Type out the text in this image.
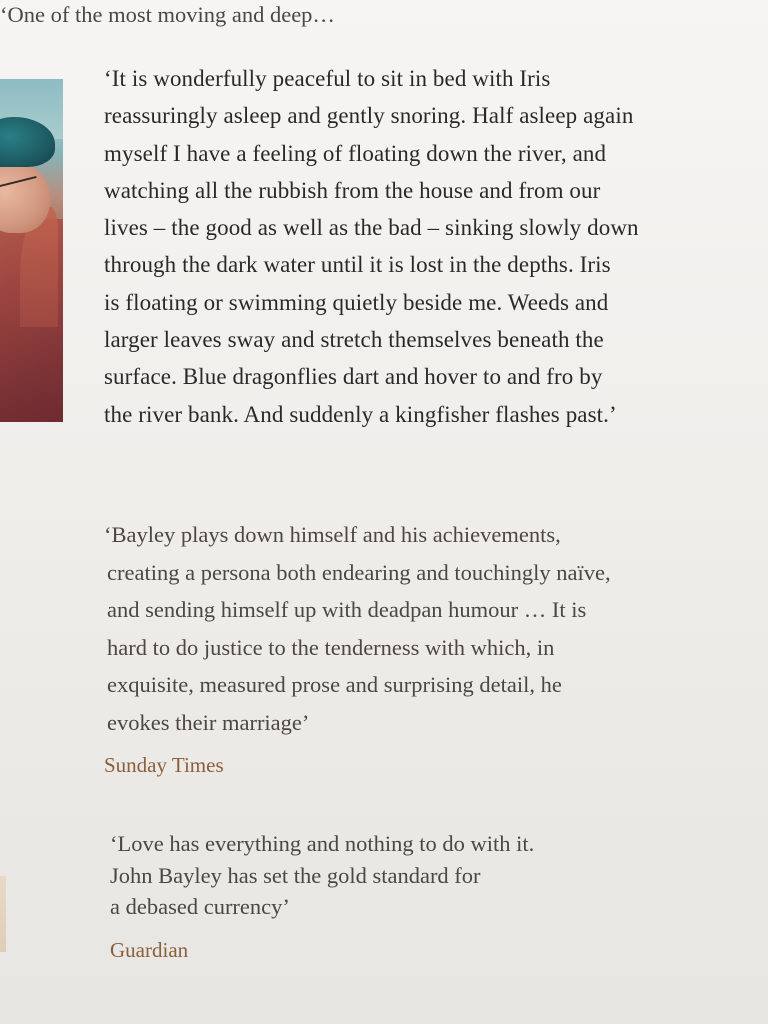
‘It is wonderfully peaceful to sit in bed with Iris
reassuringly asleep and gently snoring. Half asleep again
myself I have a feeling of floating down the river, and
watching all the rubbish from the house and from our
lives – the good as well as the bad – sinking slowly down
through the dark water until it is lost in the depths. Iris
is floating or swimming quietly beside me. Weeds and
larger leaves sway and stretch themselves beneath the
surface. Blue dragonflies dart and hover to and fro by
the river bank. And suddenly a kingfisher flashes past.’
‘Bayley plays down himself and his achievements,
creating a persona both endearing and touchingly naïve,
and sending himself up with deadpan humour … It is
hard to do justice to the tenderness with which, in
exquisite, measured prose and surprising detail, he
evokes their marriage’
Sunday Times
‘Love has everything and nothing to do with it.
John Bayley has set the gold standard for
a debased currency’
Guardian
‘One of the most moving and deep…
